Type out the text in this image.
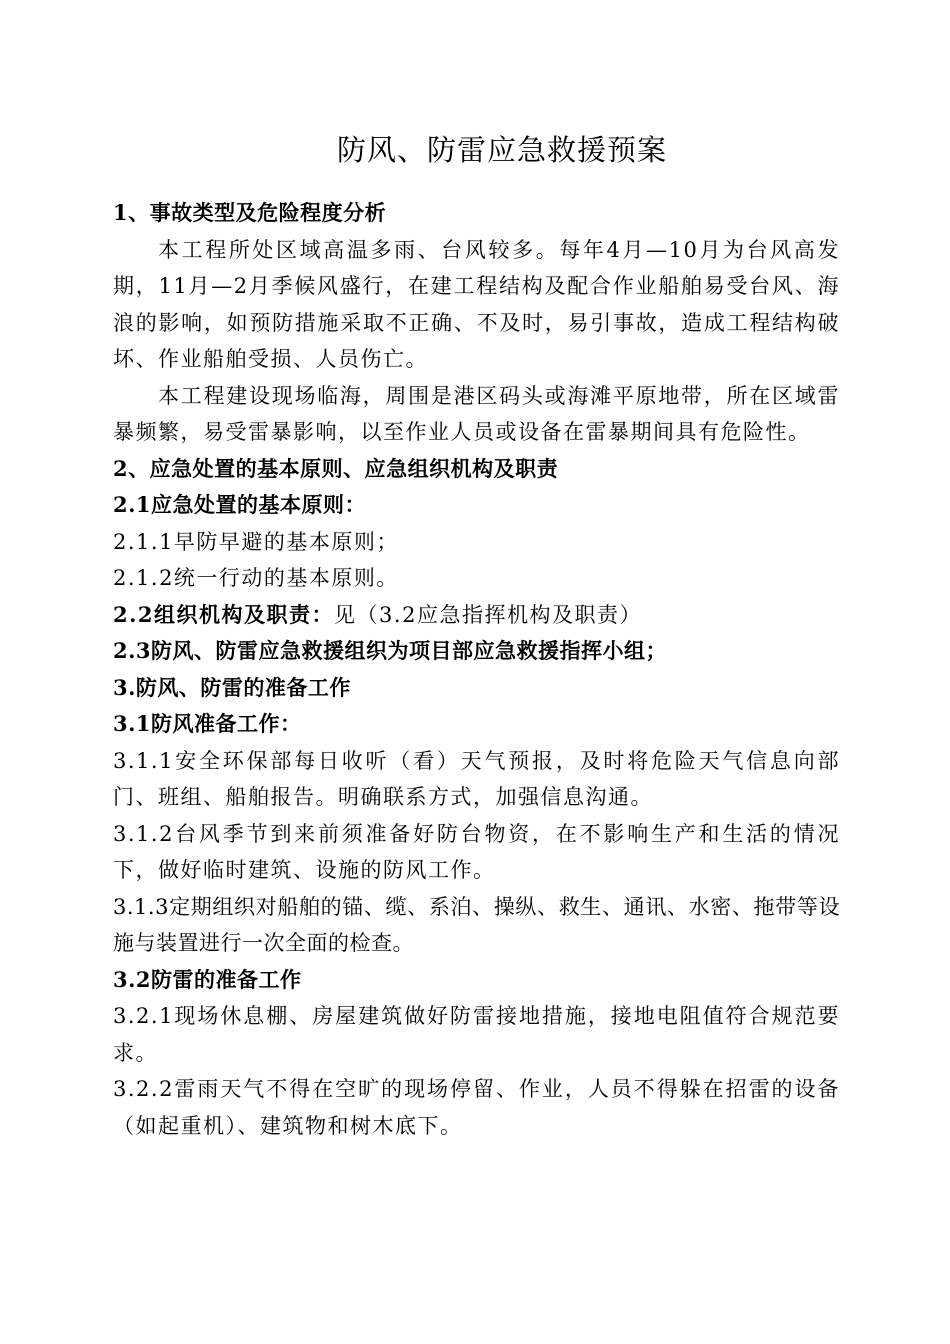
防风、防雷应急救援预案

1、事故类型及危险程度分析

本工程所处区域高温多雨、台风较多。每年4月—10月为台风高发期，11月—2月季候风盛行，在建工程结构及配合作业船舶易受台风、海浪的影响，如预防措施采取不正确、不及时，易引事故，造成工程结构破坏、作业船舶受损、人员伤亡。

本工程建设现场临海，周围是港区码头或海滩平原地带，所在区域雷暴频繁，易受雷暴影响，以至作业人员或设备在雷暴期间具有危险性。

2、应急处置的基本原则、应急组织机构及职责

2.1应急处置的基本原则：

2.1.1早防早避的基本原则；

2.1.2统一行动的基本原则。

2.2组织机构及职责：见（3.2应急指挥机构及职责）

2.3防风、防雷应急救援组织为项目部应急救援指挥小组；

3.防风、防雷的准备工作

3.1防风准备工作：

3.1.1安全环保部每日收听（看）天气预报，及时将危险天气信息向部门、班组、船舶报告。明确联系方式，加强信息沟通。

3.1.2台风季节到来前须准备好防台物资，在不影响生产和生活的情况下，做好临时建筑、设施的防风工作。

3.1.3定期组织对船舶的锚、缆、系泊、操纵、救生、通讯、水密、拖带等设施与装置进行一次全面的检查。

3.2防雷的准备工作

3.2.1现场休息棚、房屋建筑做好防雷接地措施，接地电阻值符合规范要求。

3.2.2雷雨天气不得在空旷的现场停留、作业，人员不得躲在招雷的设备（如起重机）、建筑物和树木底下。
